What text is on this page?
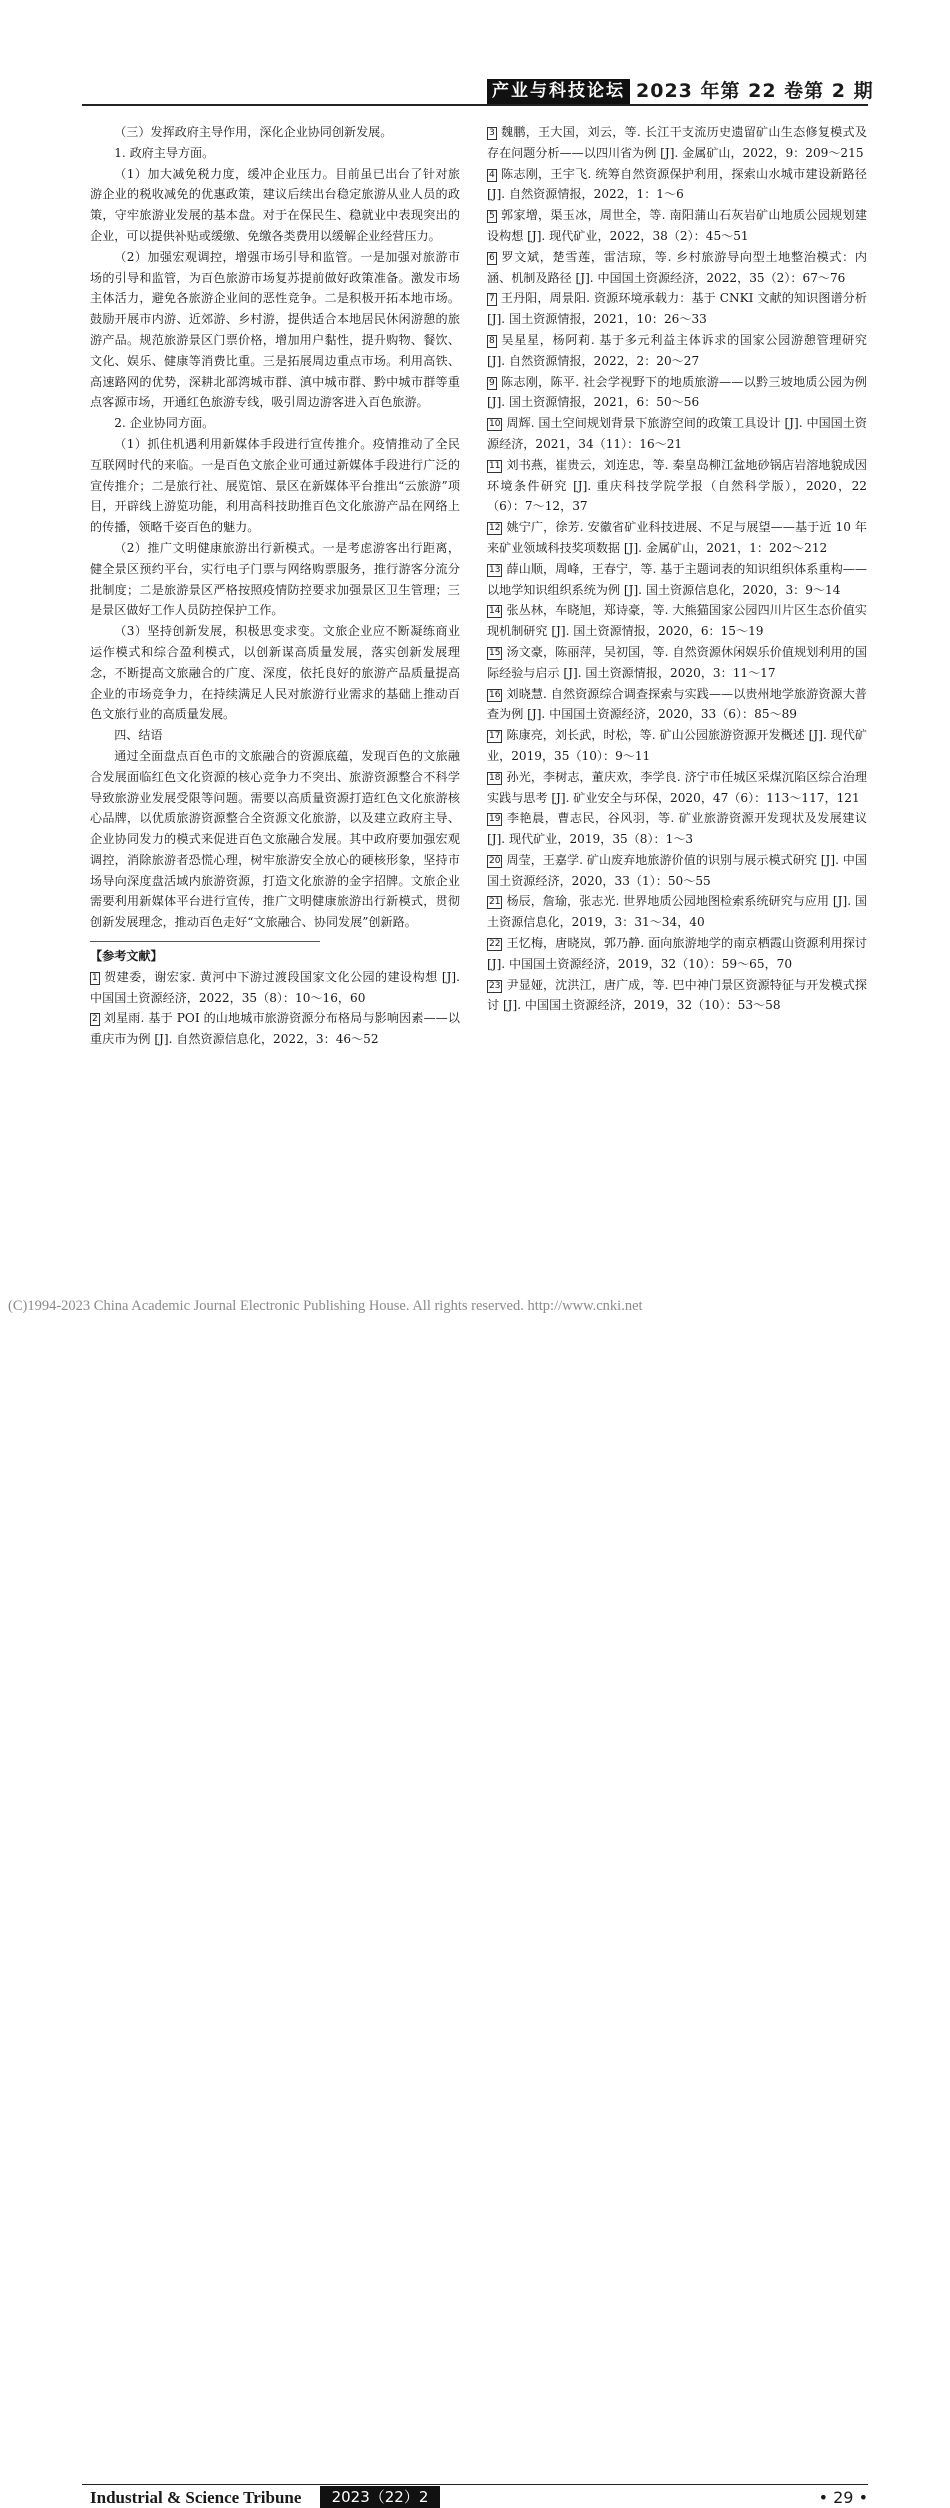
产业与科技论坛 2023 年第 22 卷第 2 期

（三）发挥政府主导作用，深化企业协同创新发展。

1. 政府主导方面。

（1）加大减免税力度，缓冲企业压力。目前虽已出台了针对旅游企业的税收减免的优惠政策，建议后续出台稳定旅游从业人员的政策，守牢旅游业发展的基本盘。对于在保民生、稳就业中表现突出的企业，可以提供补贴或缓缴、免缴各类费用以缓解企业经营压力。

（2）加强宏观调控，增强市场引导和监管。一是加强对旅游市场的引导和监管，为百色旅游市场复苏提前做好政策准备。激发市场主体活力，避免各旅游企业间的恶性竞争。二是积极开拓本地市场。鼓励开展市内游、近郊游、乡村游，提供适合本地居民休闲游憩的旅游产品。规范旅游景区门票价格，增加用户黏性，提升购物、餐饮、文化、娱乐、健康等消费比重。三是拓展周边重点市场。利用高铁、高速路网的优势，深耕北部湾城市群、滇中城市群、黔中城市群等重点客源市场，开通红色旅游专线，吸引周边游客进入百色旅游。

2. 企业协同方面。

（1）抓住机遇利用新媒体手段进行宣传推介。疫情推动了全民互联网时代的来临。一是百色文旅企业可通过新媒体手段进行广泛的宣传推介；二是旅行社、展览馆、景区在新媒体平台推出“云旅游”项目，开辟线上游览功能，利用高科技助推百色文化旅游产品在网络上的传播，领略千姿百色的魅力。

（2）推广文明健康旅游出行新模式。一是考虑游客出行距离，健全景区预约平台，实行电子门票与网络购票服务，推行游客分流分批制度；二是旅游景区严格按照疫情防控要求加强景区卫生管理；三是景区做好工作人员防控保护工作。

（3）坚持创新发展，积极思变求变。文旅企业应不断凝练商业运作模式和综合盈利模式，以创新谋高质量发展，落实创新发展理念，不断提高文旅融合的广度、深度，依托良好的旅游产品质量提高企业的市场竞争力，在持续满足人民对旅游行业需求的基础上推动百色文旅行业的高质量发展。

四、结语

通过全面盘点百色市的文旅融合的资源底蕴，发现百色的文旅融合发展面临红色文化资源的核心竞争力不突出、旅游资源整合不科学导致旅游业发展受限等问题。需要以高质量资源打造红色文化旅游核心品牌，以优质旅游资源整合全资源文化旅游，以及建立政府主导、企业协同发力的模式来促进百色文旅融合发展。其中政府要加强宏观调控，消除旅游者恐慌心理，树牢旅游安全放心的硬核形象，坚持市场导向深度盘活域内旅游资源，打造文化旅游的金字招牌。文旅企业需要利用新媒体平台进行宣传，推广文明健康旅游出行新模式，贯彻创新发展理念，推动百色走好“文旅融合、协同发展”创新路。

【参考文献】

1 贺建委，谢宏家. 黄河中下游过渡段国家文化公园的建设构想 [J]. 中国国土资源经济，2022，35（8）：10～16，60

2 刘星雨. 基于 POI 的山地城市旅游资源分布格局与影响因素——以重庆市为例 [J]. 自然资源信息化，2022，3：46～52

3 魏鹏，王大国，刘云，等. 长江干支流历史遗留矿山生态修复模式及存在问题分析——以四川省为例 [J]. 金属矿山，2022，9：209～215

4 陈志刚，王宇飞. 统筹自然资源保护利用，探索山水城市建设新路径 [J]. 自然资源情报，2022，1：1～6

5 郭家增，渠玉冰，周世全，等. 南阳蒲山石灰岩矿山地质公园规划建设构想 [J]. 现代矿业，2022，38（2）：45～51

6 罗文斌，楚雪莲，雷洁琼，等. 乡村旅游导向型土地整治模式：内涵、机制及路径 [J]. 中国国土资源经济，2022，35（2）：67～76

7 王丹阳，周景阳. 资源环境承载力：基于 CNKI 文献的知识图谱分析 [J]. 国土资源情报，2021，10：26～33

8 吴星星，杨阿莉. 基于多元利益主体诉求的国家公园游憩管理研究 [J]. 自然资源情报，2022，2：20～27

9 陈志刚，陈平. 社会学视野下的地质旅游——以黔三坡地质公园为例 [J]. 国土资源情报，2021，6：50～56

10 周辉. 国土空间规划背景下旅游空间的政策工具设计 [J]. 中国国土资源经济，2021，34（11）：16～21

11 刘书燕，崔贵云，刘连忠，等. 秦皇岛柳江盆地砂锅店岩溶地貌成因环境条件研究 [J]. 重庆科技学院学报（自然科学版），2020，22（6）：7～12，37

12 姚宁广，徐芳. 安徽省矿业科技进展、不足与展望——基于近 10 年来矿业领域科技奖项数据 [J]. 金属矿山，2021，1：202～212

13 薛山顺，周峰，王春宁，等. 基于主题词表的知识组织体系重构——以地学知识组织系统为例 [J]. 国土资源信息化，2020，3：9～14

14 张丛林，车晓旭，郑诗豪，等. 大熊猫国家公园四川片区生态价值实现机制研究 [J]. 国土资源情报，2020，6：15～19

15 汤文豪，陈丽萍，吴初国，等. 自然资源休闲娱乐价值规划利用的国际经验与启示 [J]. 国土资源情报，2020，3：11～17

16 刘晓慧. 自然资源综合调查探索与实践——以贵州地学旅游资源大普查为例 [J]. 中国国土资源经济，2020，33（6）：85～89

17 陈康亮，刘长武，时松，等. 矿山公园旅游资源开发概述 [J]. 现代矿业，2019，35（10）：9～11

18 孙光，李树志，董庆欢，李学良. 济宁市任城区采煤沉陷区综合治理实践与思考 [J]. 矿业安全与环保，2020，47（6）：113～117，121

19 李艳晨，曹志民，谷风羽，等. 矿业旅游资源开发现状及发展建议 [J]. 现代矿业，2019，35（8）：1～3

20 周莹，王嘉学. 矿山废弃地旅游价值的识别与展示模式研究 [J]. 中国国土资源经济，2020，33（1）：50～55

21 杨辰，詹瑜，张志光. 世界地质公园地图检索系统研究与应用 [J]. 国土资源信息化，2019，3：31～34，40

22 王忆梅，唐晓岚，郭乃静. 面向旅游地学的南京栖霞山资源利用探讨 [J]. 中国国土资源经济，2019，32（10）：59～65，70

23 尹显娅，沈洪江，唐广成，等. 巴中神门景区资源特征与开发模式探讨 [J]. 中国国土资源经济，2019，32（10）：53～58

Industrial & Science Tribune	2023（22）2	• 29 •
(C)1994-2023 China Academic Journal Electronic Publishing House. All rights reserved. http://www.cnki.net
